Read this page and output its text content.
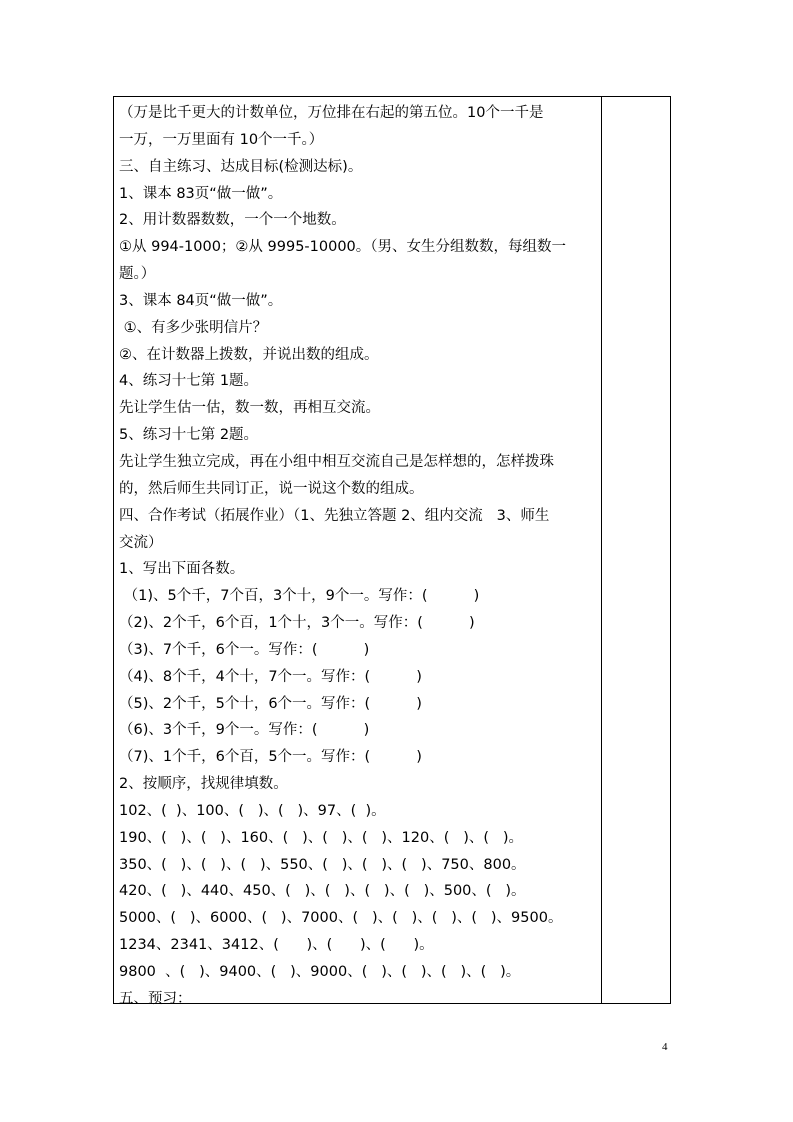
（万是比千更大的计数单位，万位排在右起的第五位。10个一千是
一万，一万里面有 10个一千。）
三、自主练习、达成目标(检测达标)。
1、课本 83页“做一做”。
2、用计数器数数，一个一个地数。
①从 994-1000；②从 9995-10000。（男、女生分组数数，每组数一
题。）
3、课本 84页“做一做”。
①、有多少张明信片？
②、在计数器上拨数，并说出数的组成。
4、练习十七第 1题。
先让学生估一估，数一数，再相互交流。
5、练习十七第 2题。
先让学生独立完成，再在小组中相互交流自己是怎样想的，怎样拨珠
的，然后师生共同订正，说一说这个数的组成。
四、合作考试（拓展作业）（1、先独立答题 2、组内交流   3、师生
交流）
1、写出下面各数。
（1)、5个千，7个百，3个十，9个一。写作：(          )
（2)、2个千，6个百，1个十，3个一。写作：(          )
（3)、7个千，6个一。写作：(          )
（4)、8个千，4个十，7个一。写作：(          )
（5)、2个千，5个十，6个一。写作：(          )
（6)、3个千，9个一。写作：(          )
（7)、1个千，6个百，5个一。写作：(          )
2、按顺序，找规律填数。
102、(  )、100、(   )、(   )、97、(  )。
190、(   )、(   )、160、(   )、(   )、(   )、120、(   )、(   )。
350、(   )、(   )、(   )、550、(   )、(   )、(   )、750、800。
420、(   )、440、450、(   )、(   )、(   )、(   )、500、(   )。
5000、(   )、6000、(   )、7000、(   )、(   )、(   )、(   )、9500。
1234、2341、3412、(      )、(      )、(      )。
9800  、(   )、9400、(   )、9000、(   )、(   )、(   )、(   )。
五、预习：
4
